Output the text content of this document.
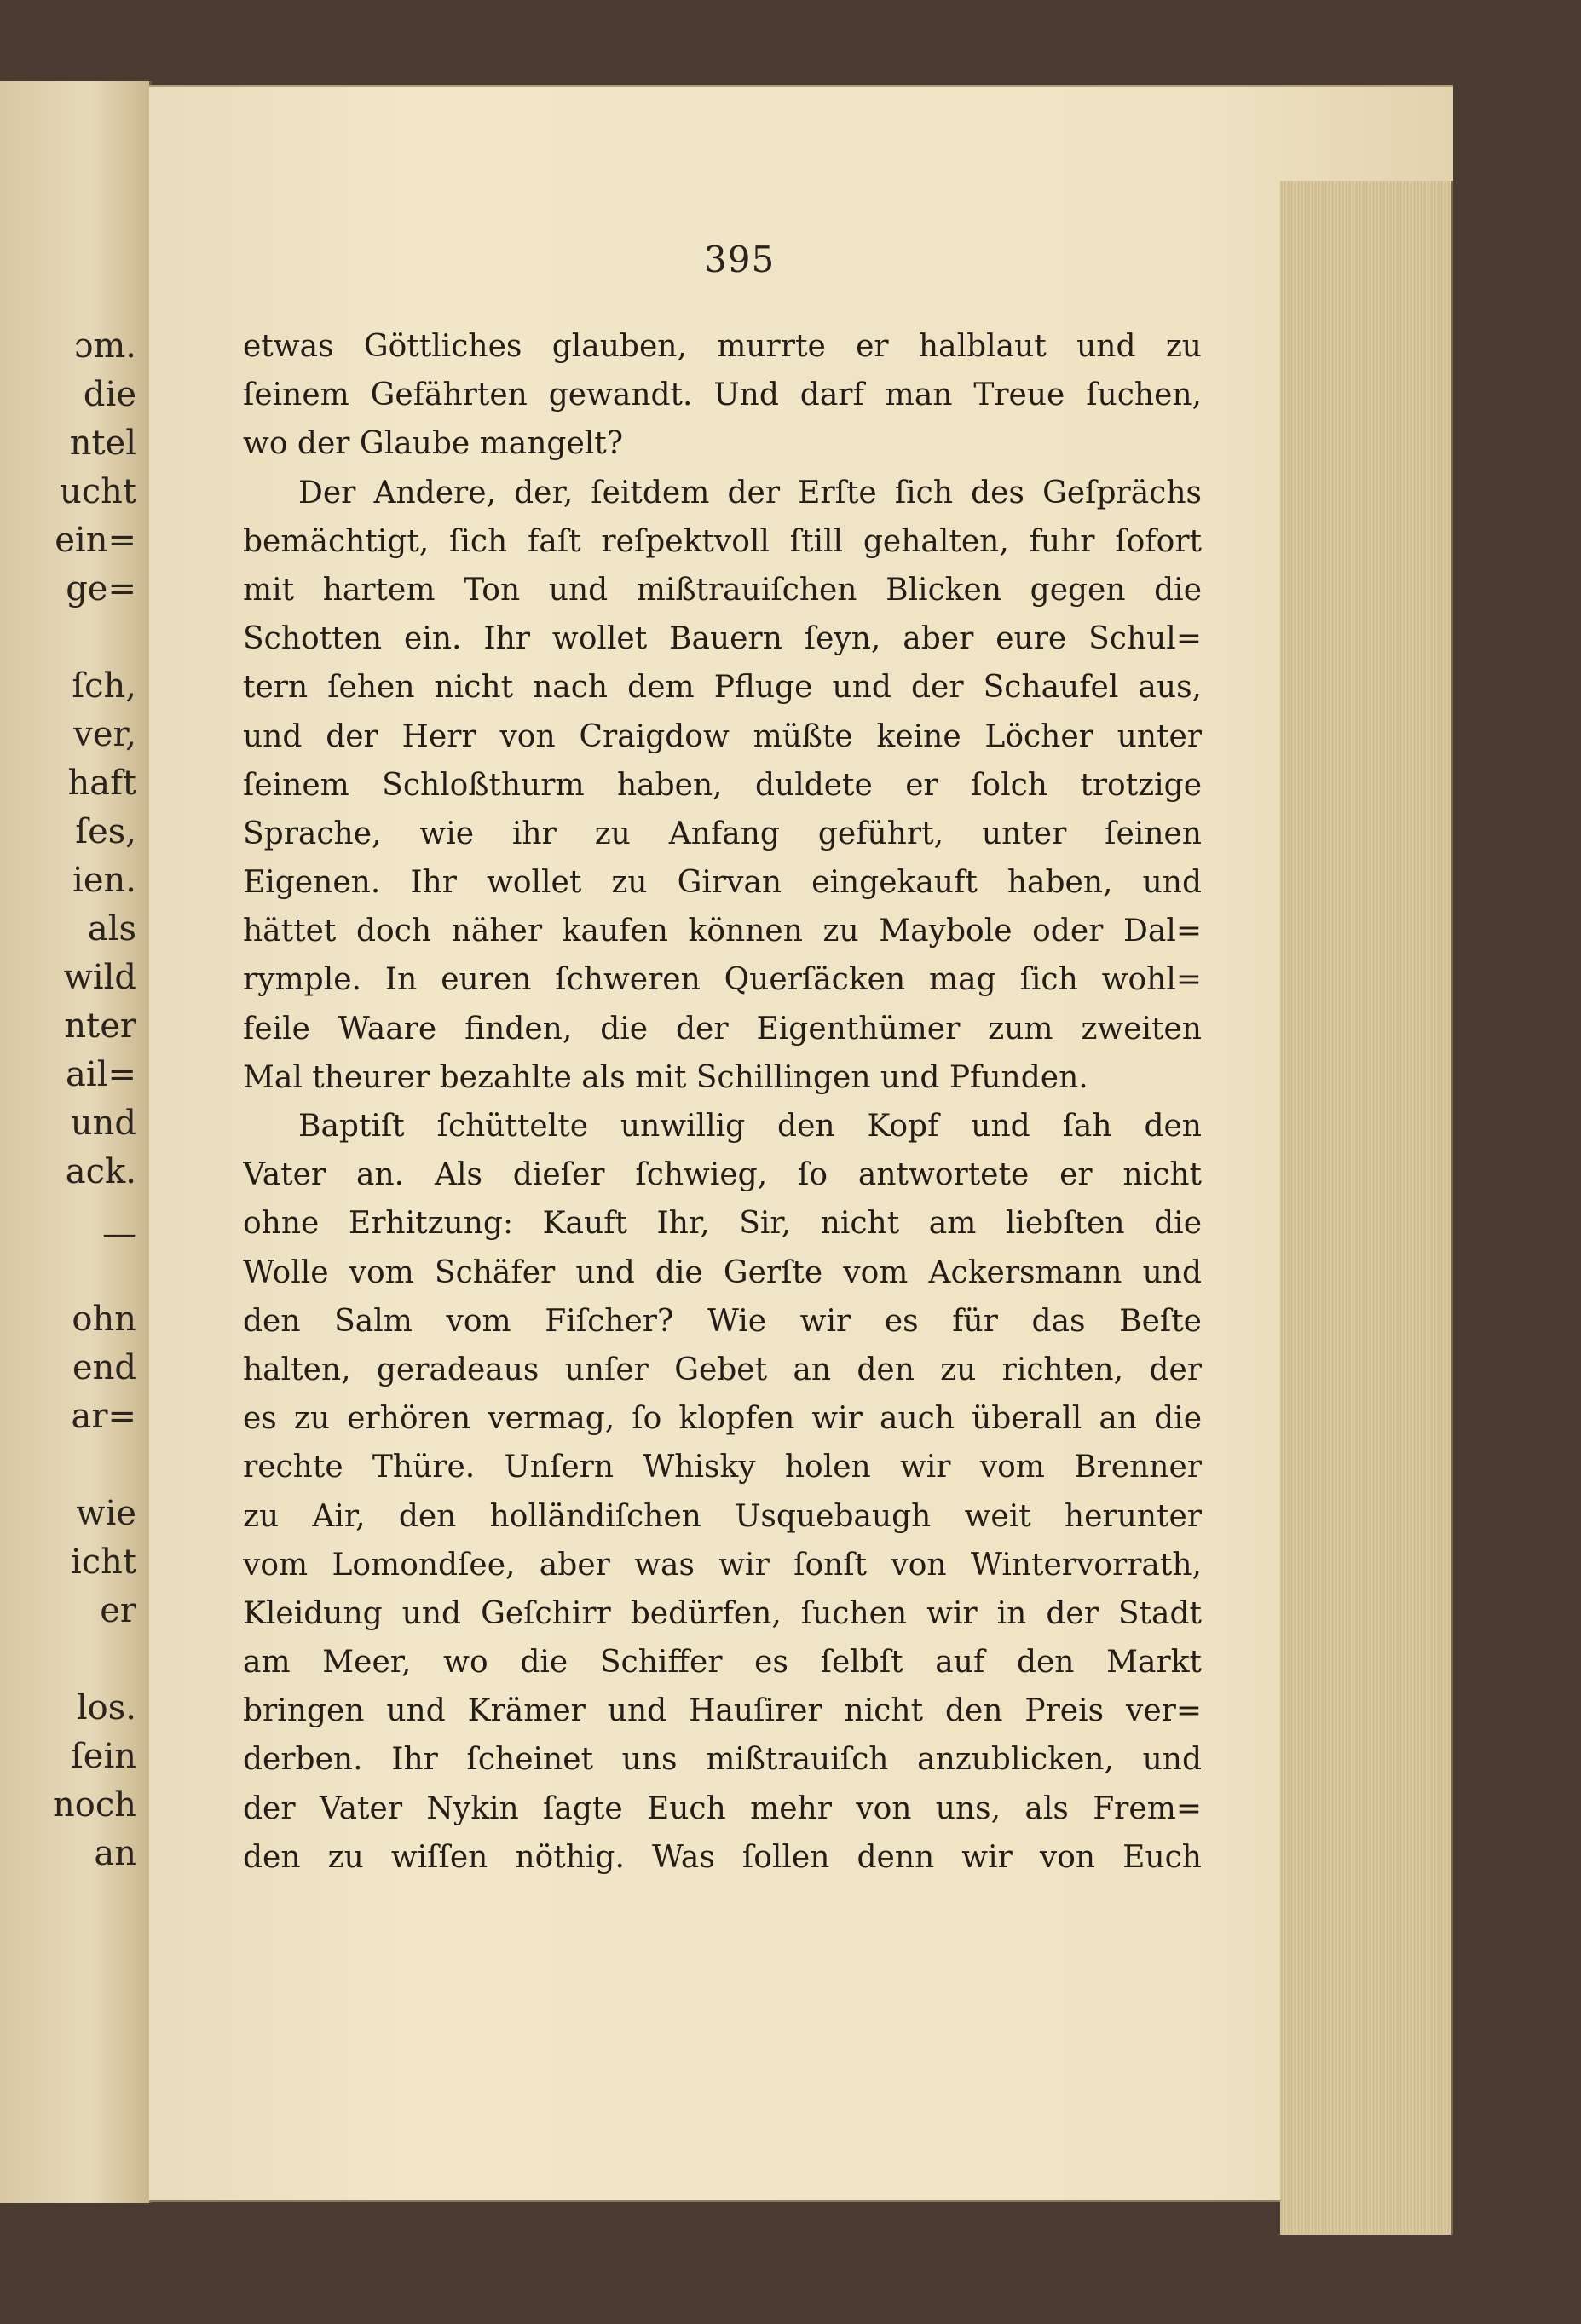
ɔm.
die
ntel
ucht
ein=
ge=
ſch,
ver,
haft
ſes,
ien.
als
wild
nter
ail=
und
ack.
—
ohn
end
ar=
wie
icht
er
los.
ſein
noch
an
etwas Göttliches glauben, murrte er halblaut und zu
ſeinem Gefährten gewandt. Und darf man Treue ſuchen,
wo der Glaube mangelt?
Der Andere, der, ſeitdem der Erſte ſich des Geſprächs
bemächtigt, ſich faſt reſpektvoll ſtill gehalten, fuhr ſofort
mit hartem Ton und mißtrauiſchen Blicken gegen die
Schotten ein. Ihr wollet Bauern ſeyn, aber eure Schul=
tern ſehen nicht nach dem Pfluge und der Schaufel aus,
und der Herr von Craigdow müßte keine Löcher unter
ſeinem Schloßthurm haben, duldete er ſolch trotzige
Sprache, wie ihr zu Anfang geführt, unter ſeinen
Eigenen. Ihr wollet zu Girvan eingekauft haben, und
hättet doch näher kaufen können zu Maybole oder Dal=
rymple. In euren ſchweren Querſäcken mag ſich wohl=
feile Waare finden, die der Eigenthümer zum zweiten
Mal theurer bezahlte als mit Schillingen und Pfunden.
Baptiſt ſchüttelte unwillig den Kopf und ſah den
Vater an. Als dieſer ſchwieg, ſo antwortete er nicht
ohne Erhitzung: Kauft Ihr, Sir, nicht am liebſten die
Wolle vom Schäfer und die Gerſte vom Ackersmann und
den Salm vom Fiſcher? Wie wir es für das Beſte
halten, geradeaus unſer Gebet an den zu richten, der
es zu erhören vermag, ſo klopfen wir auch überall an die
rechte Thüre. Unſern Whisky holen wir vom Brenner
zu Air, den holländiſchen Usquebaugh weit herunter
vom Lomondſee, aber was wir ſonſt von Wintervorrath,
Kleidung und Geſchirr bedürfen, ſuchen wir in der Stadt
am Meer, wo die Schiffer es ſelbſt auf den Markt
bringen und Krämer und Hauſirer nicht den Preis ver=
derben. Ihr ſcheinet uns mißtrauiſch anzublicken, und
der Vater Nykin ſagte Euch mehr von uns, als Frem=
den zu wiſſen nöthig. Was ſollen denn wir von Euch
